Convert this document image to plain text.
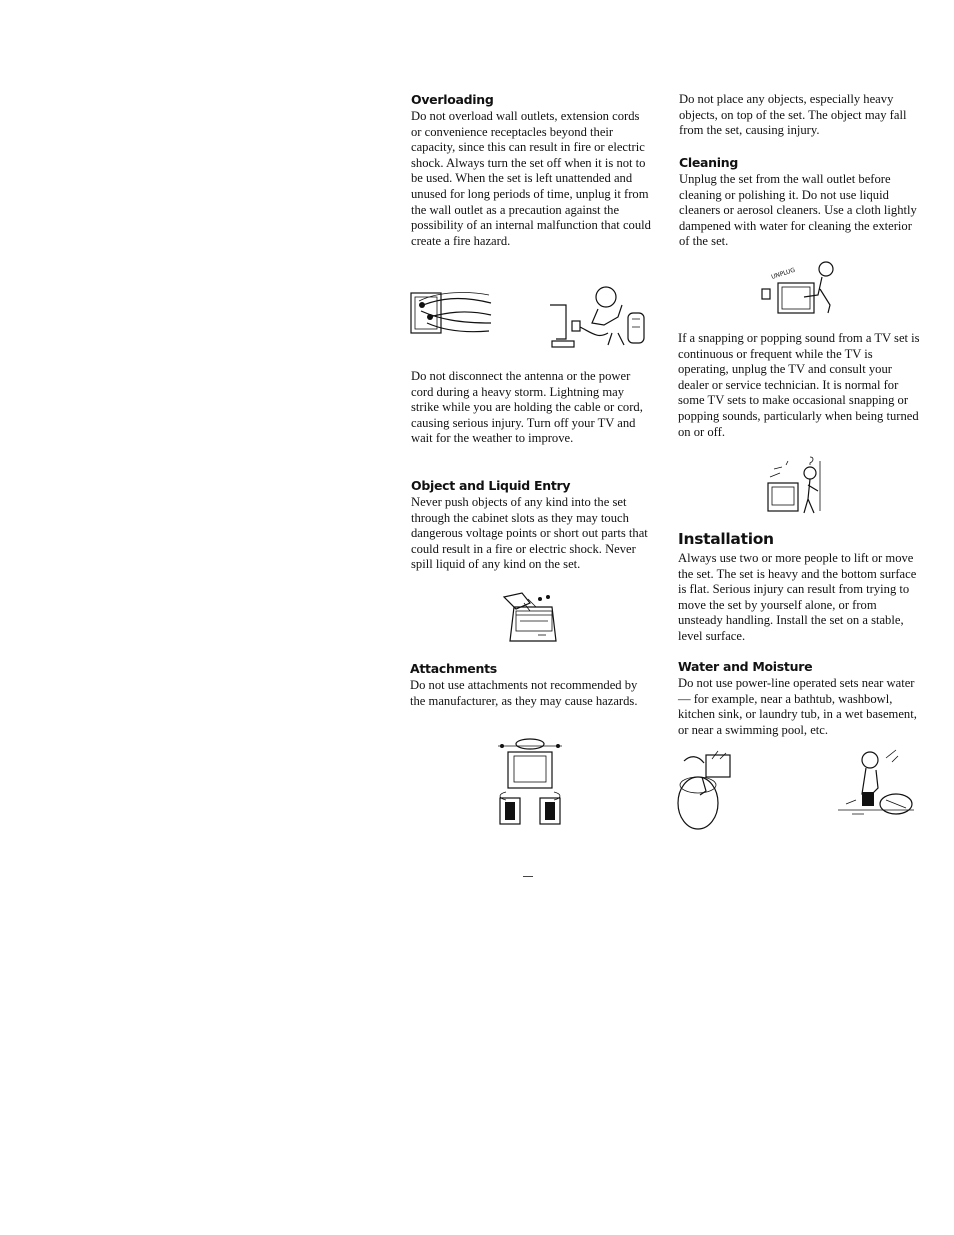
Overloading

Do not overload wall outlets, extension cords or convenience receptacles beyond their capacity, since this can result in fire or electric shock. Always turn the set off when it is not to be used. When the set is left unattended and unused for long periods of time, unplug it from the wall outlet as a precaution against the possibility of an internal malfunction that could create a fire hazard.

Do not disconnect the antenna or the power cord during a heavy storm. Lightning may strike while you are holding the cable or cord, causing serious injury. Turn off your TV and wait for the weather to improve.

Object and Liquid Entry

Never push objects of any kind into the set through the cabinet slots as they may touch dangerous voltage points or short out parts that could result in a fire or electric shock. Never spill liquid of any kind on the set.

Attachments

Do not use attachments not recommended by the manufacturer, as they may cause hazards.

Do not place any objects, especially heavy objects, on top of the set. The object may fall from the set, causing injury.

Cleaning

Unplug the set from the wall outlet before cleaning or polishing it. Do not use liquid cleaners or aerosol cleaners. Use a cloth lightly dampened with water for cleaning the exterior of the set.

UNPLUG

If a snapping or popping sound from a TV set is continuous or frequent while the TV is operating, unplug the TV and consult your dealer or service technician. It is normal for some TV sets to make occasional snapping or popping sounds, particularly when being turned on or off.

Installation

Always use two or more people to lift or move the set. The set is heavy and the bottom surface is flat. Serious injury can result from trying to move the set by yourself alone, or from unsteady handling. Install the set on a stable, level surface.

Water and Moisture

Do not use power-line operated sets near water — for example, near a bathtub, washbowl, kitchen sink, or laundry tub, in a wet basement, or near a swimming pool, etc.
